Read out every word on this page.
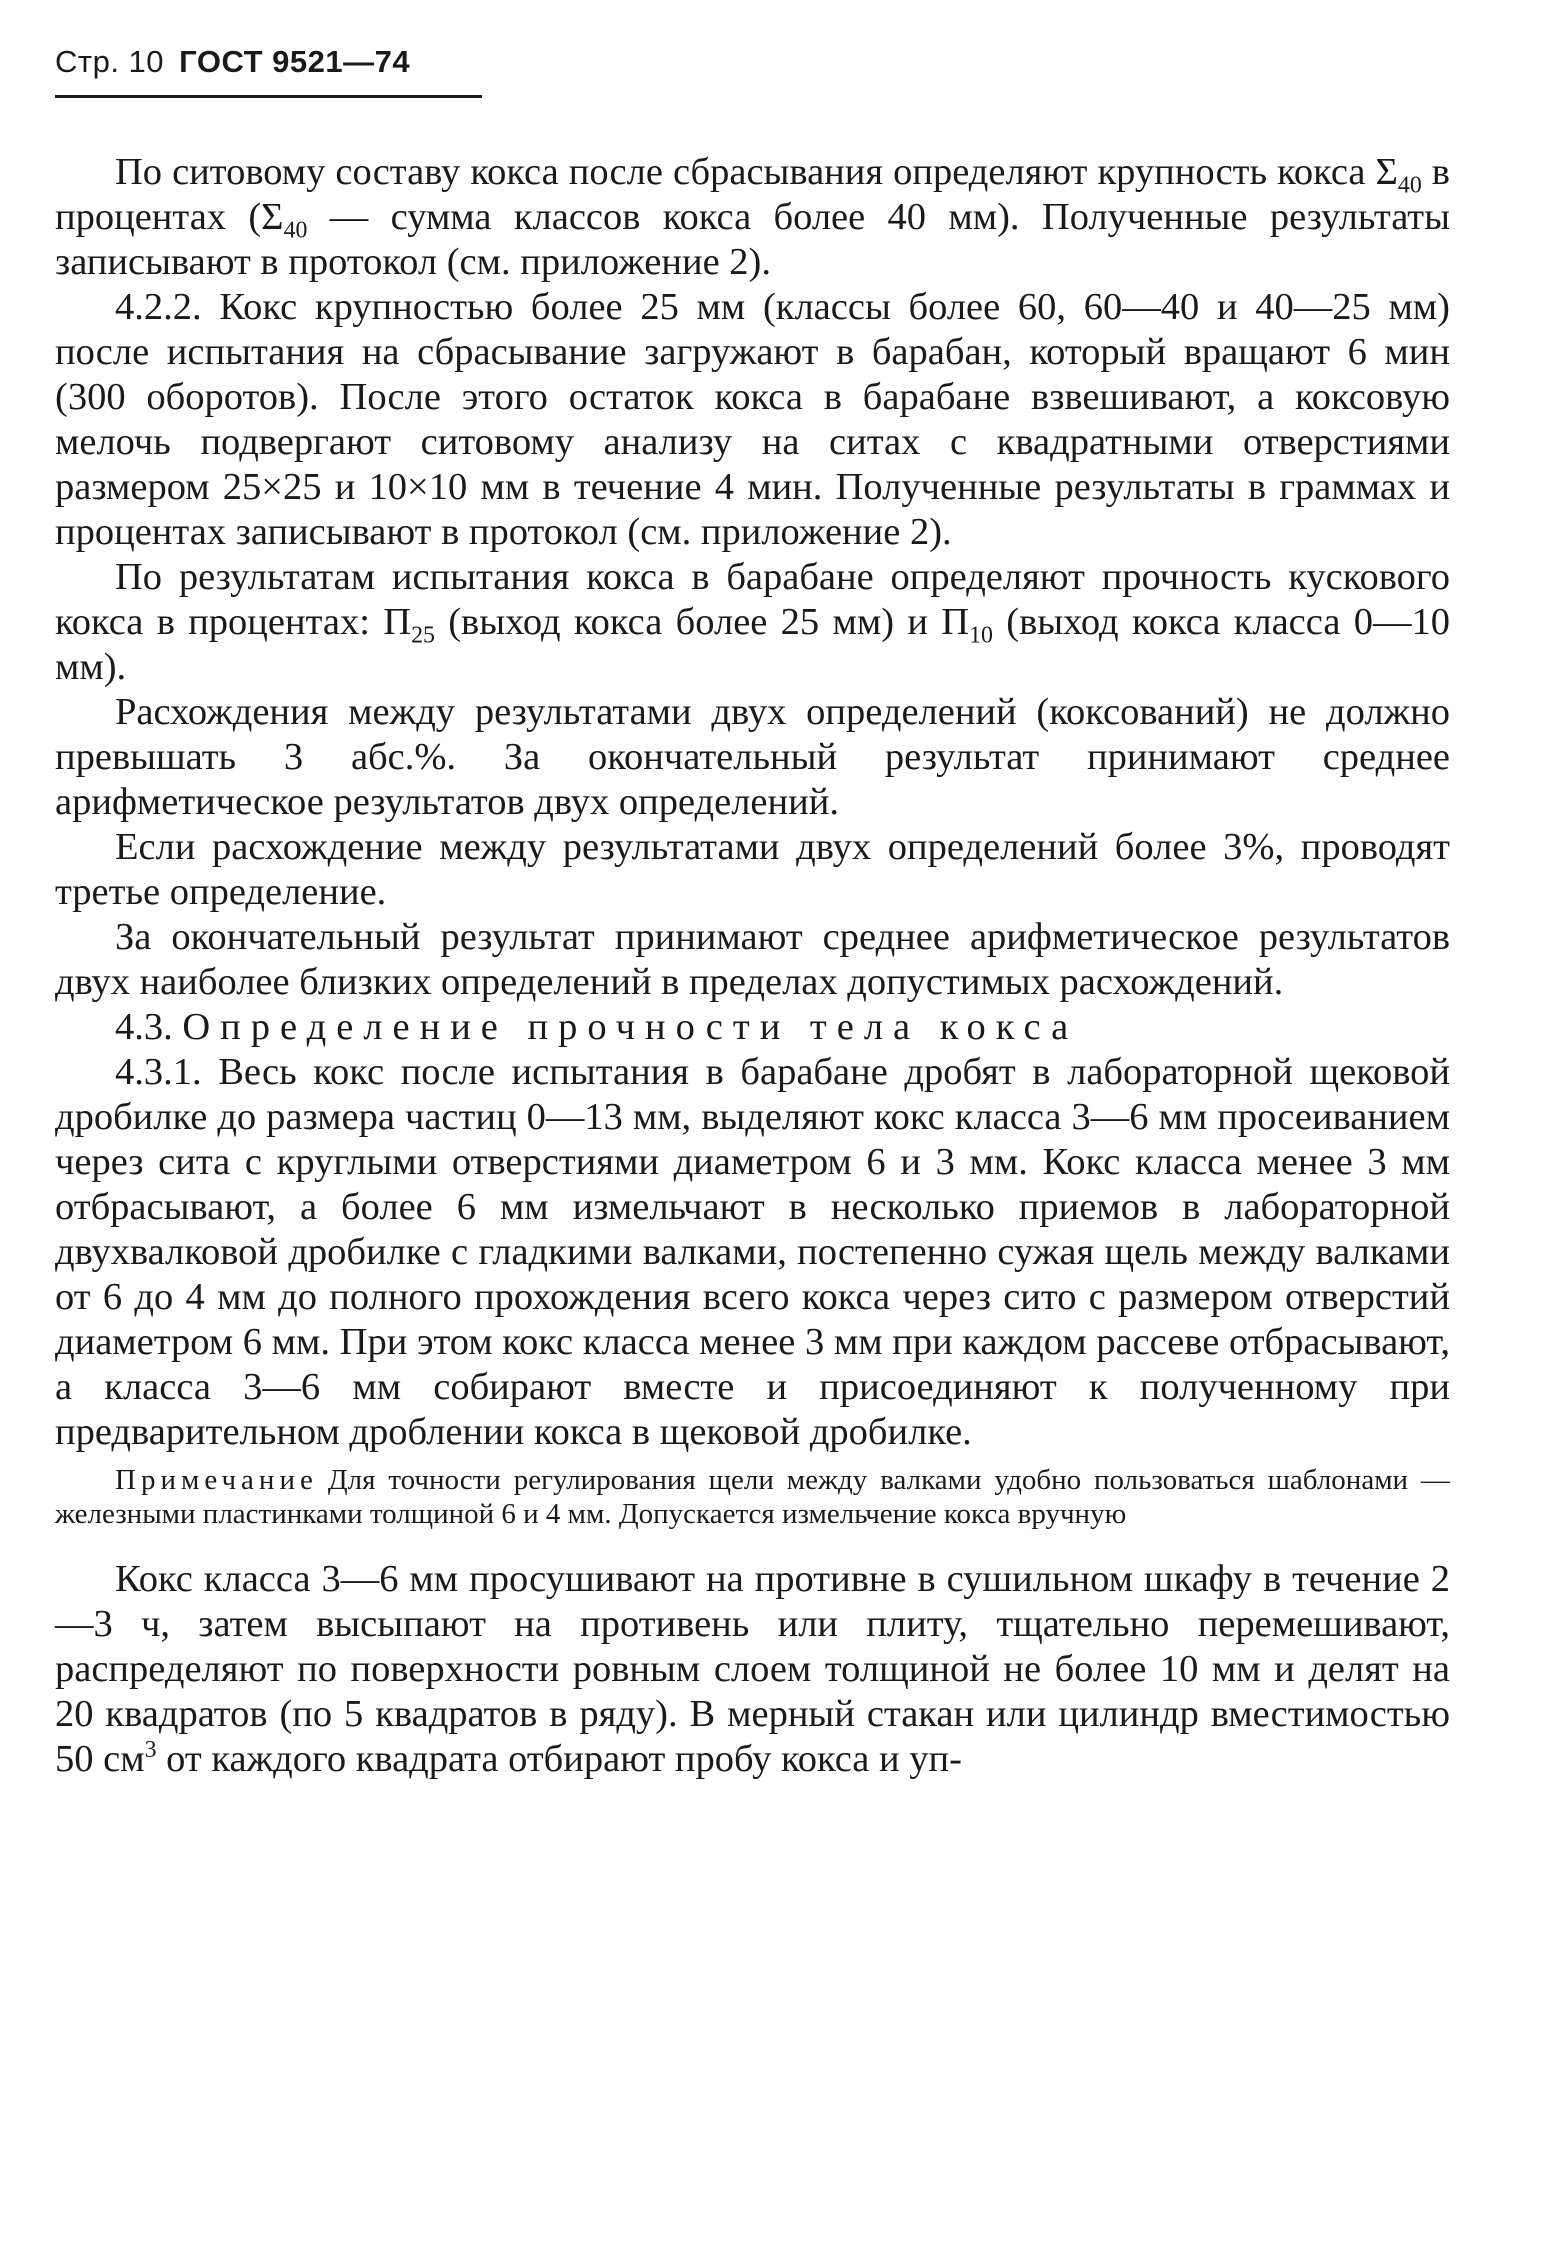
Стр. 10 ГОСТ 9521—74

По ситовому составу кокса после сбрасывания определяют крупность кокса $\Sigma_{40}$ в процентах ($\Sigma_{40}$ — сумма классов кокса более 40 мм). Полученные результаты записывают в протокол (см. приложение 2).

4.2.2. Кокс крупностью более 25 мм (классы более 60, 60—40 и 40—25 мм) после испытания на сбрасывание загружают в барабан, который вращают 6 мин (300 оборотов). После этого остаток кокса в барабане взвешивают, а коксовую мелочь подвергают ситовому анализу на ситах с квадратными отверстиями размером 25×25 и 10×10 мм в течение 4 мин. Полученные результаты в граммах и процентах записывают в протокол (см. приложение 2).

По результатам испытания кокса в барабане определяют прочность кускового кокса в процентах: $П_{25}$ (выход кокса более 25 мм) и $П_{10}$ (выход кокса класса 0—10 мм).

Расхождения между результатами двух определений (коксований) не должно превышать 3 абс.%. За окончательный результат принимают среднее арифметическое результатов двух определений.

Если расхождение между результатами двух определений более 3%, проводят третье определение.

За окончательный результат принимают среднее арифметическое результатов двух наиболее близких определений в пределах допустимых расхождений.

4.3. Определение прочности тела кокса

4.3.1. Весь кокс после испытания в барабане дробят в лабораторной щековой дробилке до размера частиц 0—13 мм, выделяют кокс класса 3—6 мм просеиванием через сита с круглыми отверстиями диаметром 6 и 3 мм. Кокс класса менее 3 мм отбрасывают, а более 6 мм измельчают в несколько приемов в лабораторной двухвалковой дробилке с гладкими валками, постепенно сужая щель между валками от 6 до 4 мм до полного прохождения всего кокса через сито с размером отверстий диаметром 6 мм. При этом кокс класса менее 3 мм при каждом рассеве отбрасывают, а класса 3—6 мм собирают вместе и присоединяют к полученному при предварительном дроблении кокса в щековой дробилке.

Примечание Для точности регулирования щели между валками удобно пользоваться шаблонами — железными пластинками толщиной 6 и 4 мм. Допускается измельчение кокса вручную

Кокс класса 3—6 мм просушивают на противне в сушильном шкафу в течение 2—3 ч, затем высыпают на противень или плиту, тщательно перемешивают, распределяют по поверхности ровным слоем толщиной не более 10 мм и делят на 20 квадратов (по 5 квадратов в ряду). В мерный стакан или цилиндр вместимостью 50 $см^3$ от каждого квадрата отбирают пробу кокса и уп-
